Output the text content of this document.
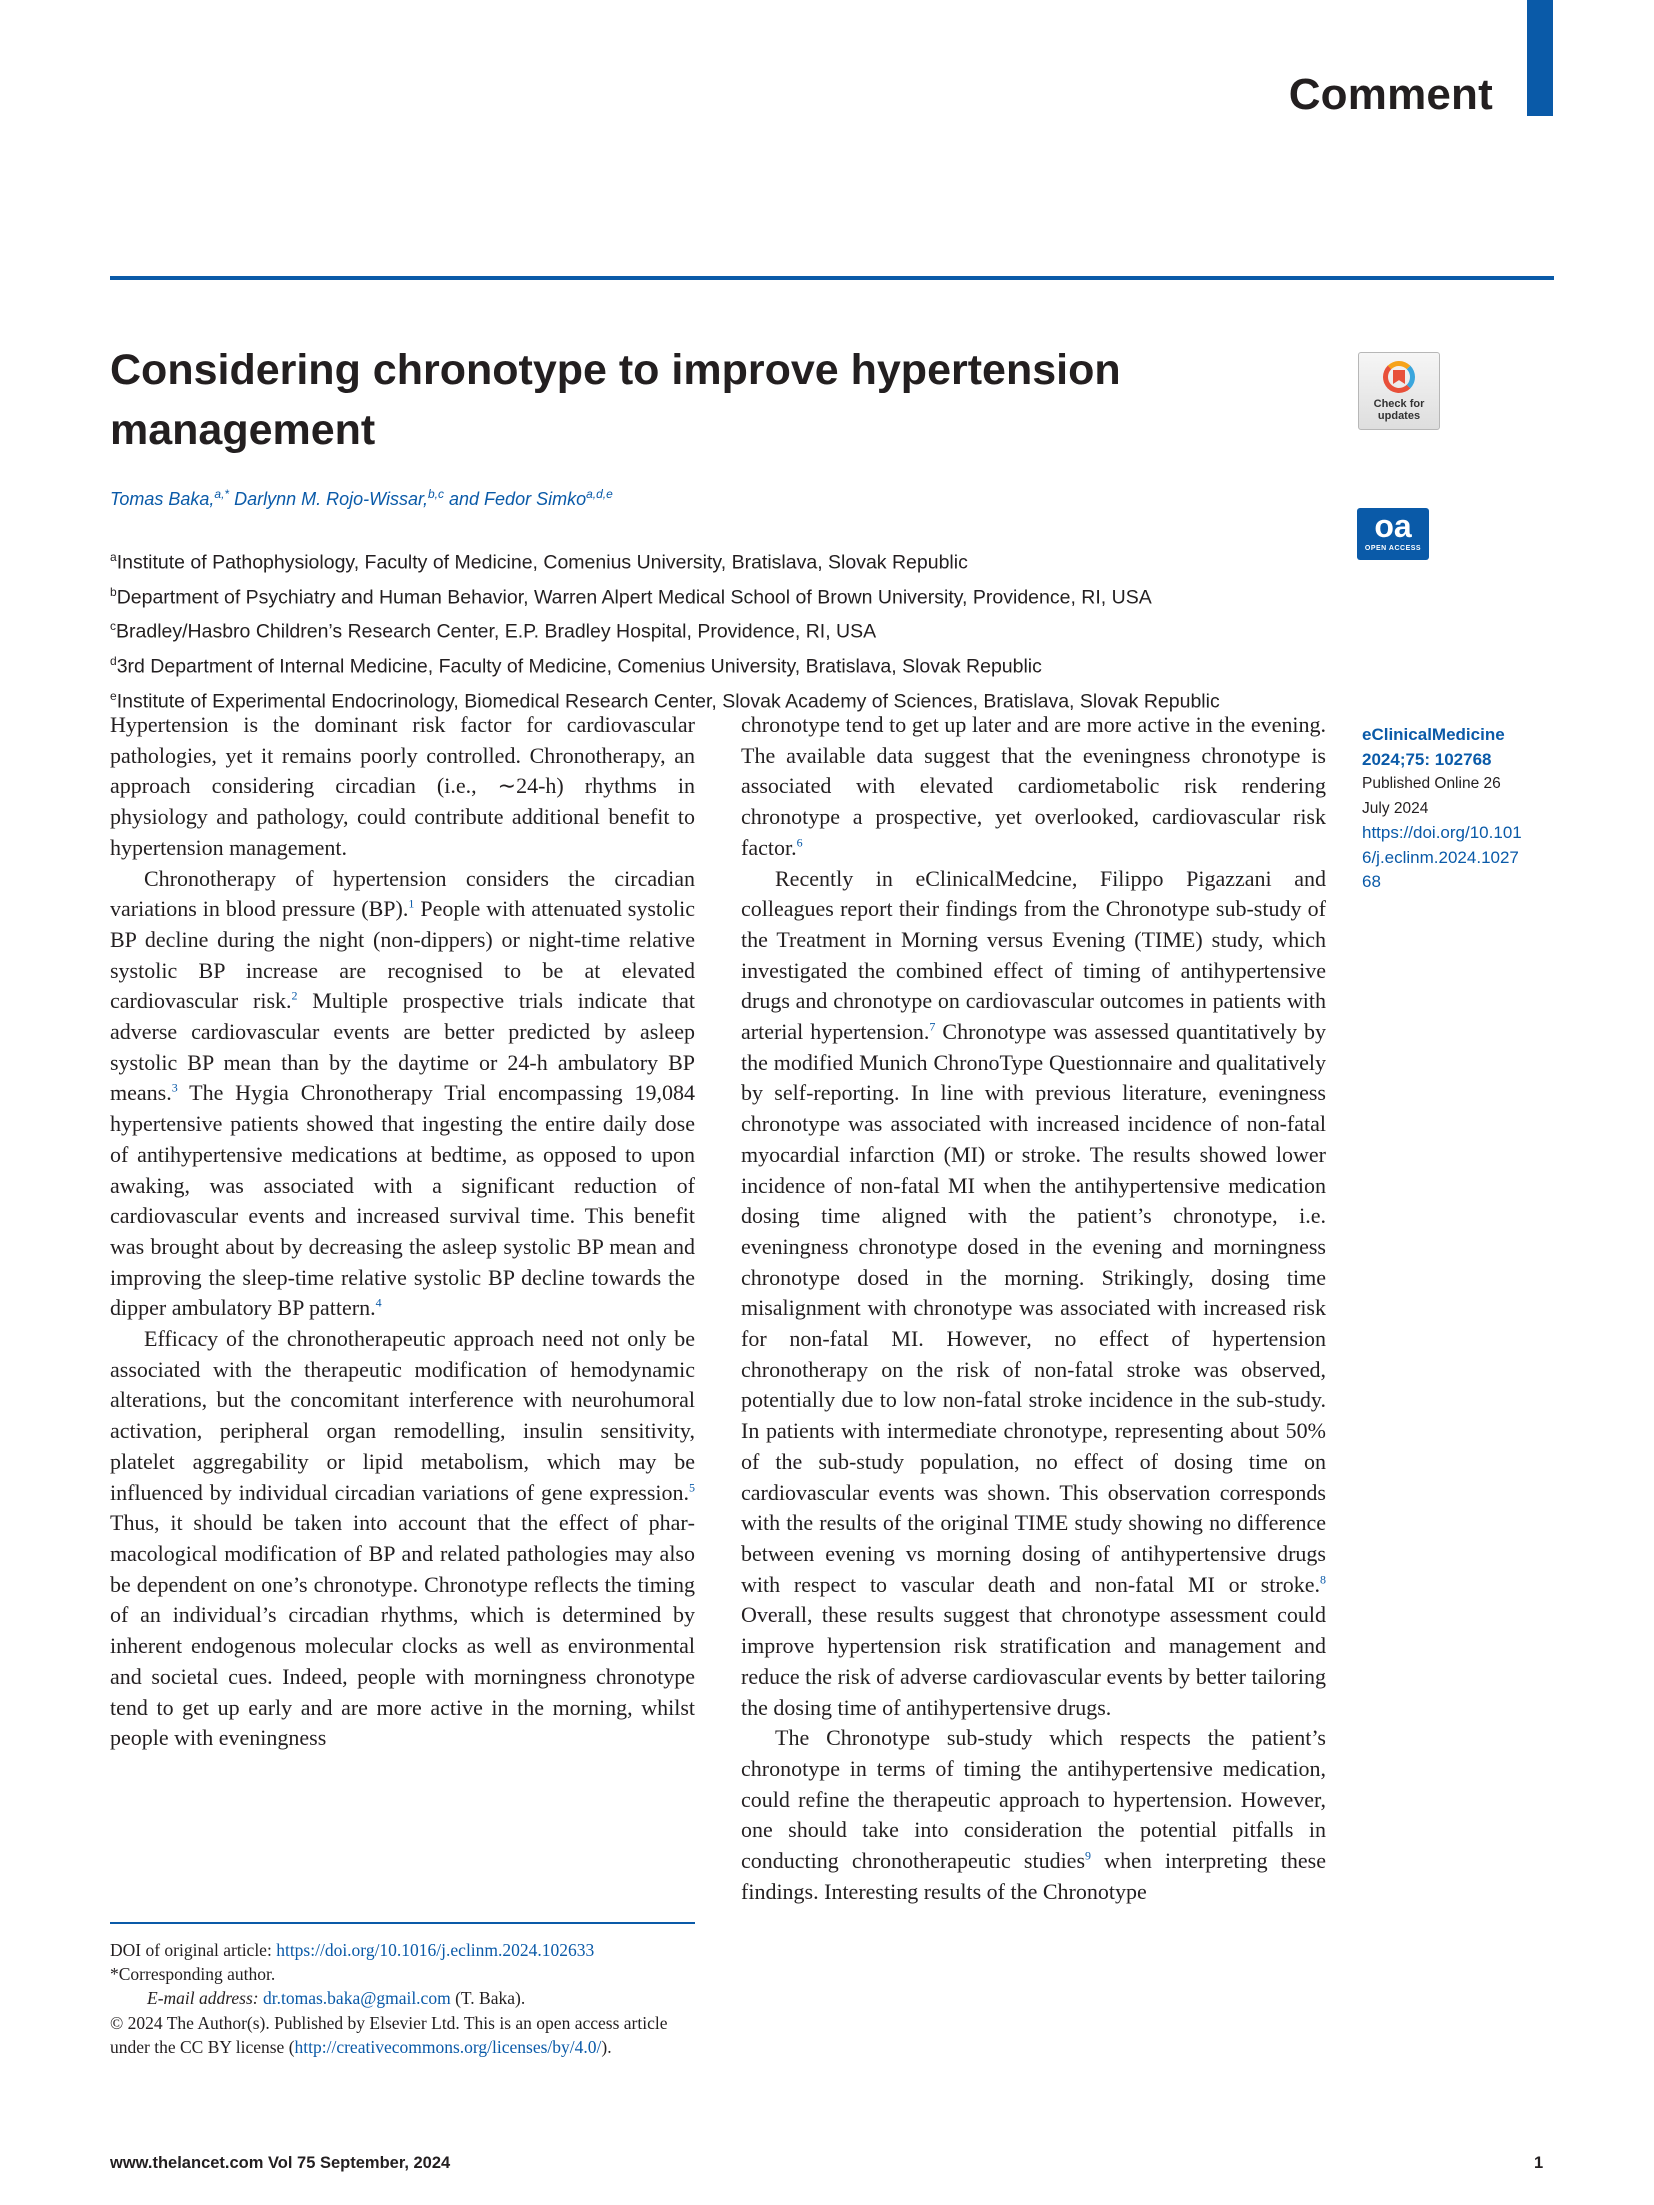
Comment
Considering chronotype to improve hypertension management
Check for updates
oa
OPEN ACCESS
Tomas Baka,$^{a,*}$ Darlynn M. Rojo-Wissar,$^{b,c}$ and Fedor Simko$^{a,d,e}$
$^a$Institute of Pathophysiology, Faculty of Medicine, Comenius University, Bratislava, Slovak Republic
$^b$Department of Psychiatry and Human Behavior, Warren Alpert Medical School of Brown University, Providence, RI, USA
$^c$Bradley/Hasbro Children’s Research Center, E.P. Bradley Hospital, Providence, RI, USA
$^d$3rd Department of Internal Medicine, Faculty of Medicine, Comenius University, Bratislava, Slovak Republic
$^e$Institute of Experimental Endocrinology, Biomedical Research Center, Slovak Academy of Sciences, Bratislava, Slovak Republic
eClinicalMedicine
2024;75: 102768
Published Online 26 July 2024
https://doi.org/10.1016/j.eclinm.2024.102768

Hypertension is the dominant risk factor for cardiovascular pathologies, yet it remains poorly controlled. Chronotherapy, an approach considering circadian (i.e., ∼24-h) rhythms in physiology and pathology, could contribute additional benefit to hypertension management.

Chronotherapy of hypertension considers the circadian variations in blood pressure (BP).$^1$ People with attenuated systolic BP decline during the night (non-dippers) or night-time relative systolic BP increase are recognised to be at elevated cardiovascular risk.$^2$ Multiple prospective trials indicate that adverse cardiovascular events are better predicted by asleep systolic BP mean than by the daytime or 24-h ambulatory BP means.$^3$ The Hygia Chronotherapy Trial encompassing 19,084 hypertensive patients showed that ingesting the entire daily dose of antihypertensive medications at bedtime, as opposed to upon awaking, was associated with a significant reduction of cardiovascular events and increased survival time. This benefit was brought about by decreasing the asleep systolic BP mean and improving the sleep-time relative systolic BP decline towards the dipper ambulatory BP pattern.$^4$

Efficacy of the chronotherapeutic approach need not only be associated with the therapeutic modification of hemodynamic alterations, but the concomitant interference with neurohumoral activation, peripheral organ remodelling, insulin sensitivity, platelet aggregability or lipid metabolism, which may be influenced by individual circadian variations of gene expression.$^5$ Thus, it should be taken into account that the effect of pharmacological modification of BP and related pathologies may also be dependent on one’s chronotype. Chronotype reflects the timing of an individual’s circadian rhythms, which is determined by inherent endogenous molecular clocks as well as environmental and societal cues. Indeed, people with morningness chronotype tend to get up early and are more active in the morning, whilst people with eveningness

chronotype tend to get up later and are more active in the evening. The available data suggest that the eveningness chronotype is associated with elevated cardiometabolic risk rendering chronotype a prospective, yet overlooked, cardiovascular risk factor.$^6$

Recently in eClinicalMedcine, Filippo Pigazzani and colleagues report their findings from the Chronotype sub-study of the Treatment in Morning versus Evening (TIME) study, which investigated the combined effect of timing of antihypertensive drugs and chronotype on cardiovascular outcomes in patients with arterial hypertension.$^7$ Chronotype was assessed quantitatively by the modified Munich ChronoType Questionnaire and qualitatively by self-reporting. In line with previous literature, eveningness chronotype was associated with increased incidence of non-fatal myocardial infarction (MI) or stroke. The results showed lower incidence of non-fatal MI when the antihypertensive medication dosing time aligned with the patient’s chronotype, i.e. eveningness chronotype dosed in the evening and morningness chronotype dosed in the morning. Strikingly, dosing time misalignment with chronotype was associated with increased risk for non-fatal MI. However, no effect of hypertension chronotherapy on the risk of non-fatal stroke was observed, potentially due to low non-fatal stroke incidence in the sub-study. In patients with intermediate chronotype, representing about 50% of the sub-study population, no effect of dosing time on cardiovascular events was shown. This observation corresponds with the results of the original TIME study showing no difference between evening vs morning dosing of antihypertensive drugs with respect to vascular death and non-fatal MI or stroke.$^8$ Overall, these results suggest that chronotype assessment could improve hypertension risk stratification and management and reduce the risk of adverse cardiovascular events by better tailoring the dosing time of antihypertensive drugs.

The Chronotype sub-study which respects the patient’s chronotype in terms of timing the antihypertensive medication, could refine the therapeutic approach to hypertension. However, one should take into consideration the potential pitfalls in conducting chronotherapeutic studies$^9$ when interpreting these findings. Interesting results of the Chronotype

DOI of original article: https://doi.org/10.1016/j.eclinm.2024.102633

*Corresponding author.

E-mail address: dr.tomas.baka@gmail.com (T. Baka).

© 2024 The Author(s). Published by Elsevier Ltd. This is an open access article under the CC BY license (http://creativecommons.org/licenses/by/4.0/).

www.thelancet.com Vol 75 September, 2024	1
